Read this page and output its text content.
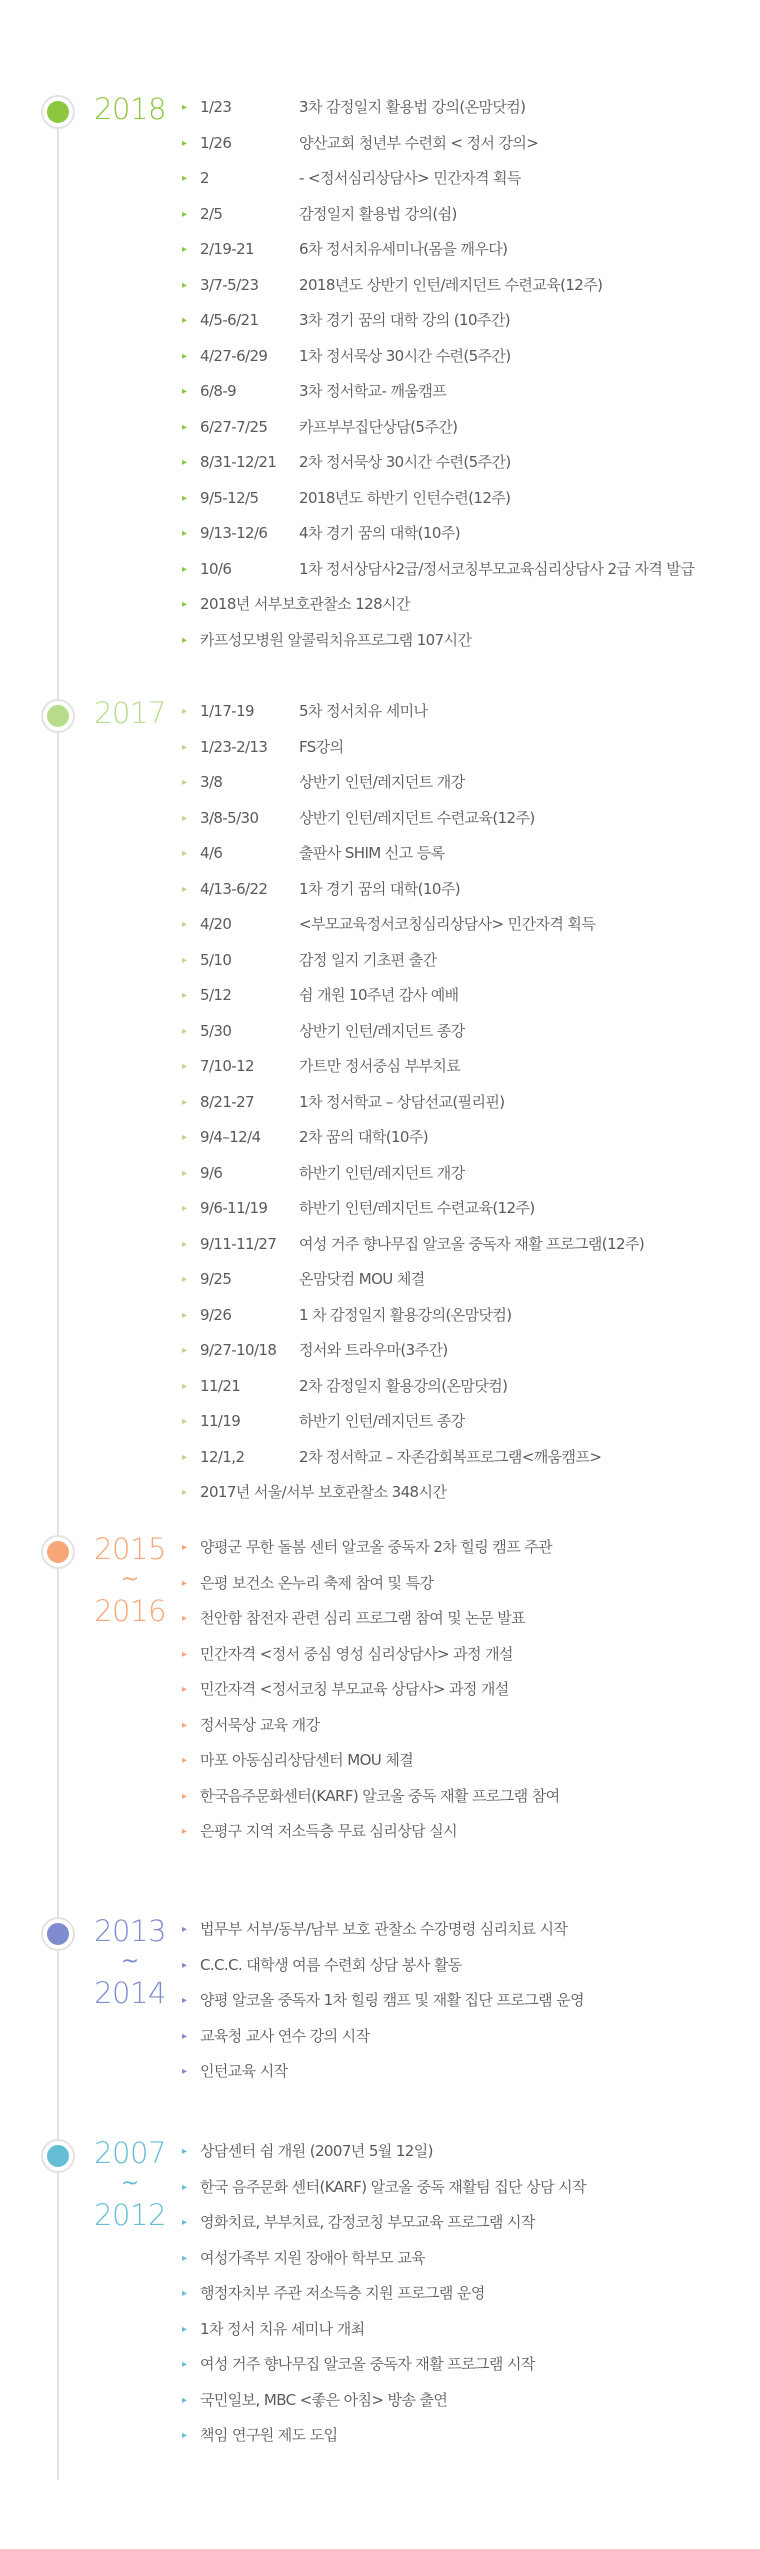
2018	▸ 1/23	3차 감정일지 활용법 강의(온맘닷컴)
▸ 1/26	양산교회 청년부 수련회 < 정서 강의>
▸ 2	- <정서심리상담사> 민간자격 획득
▸ 2/5	감정일지 활용법 강의(쉼)
▸ 2/19-21	6차 정서치유세미나(몸을 깨우다)
▸ 3/7-5/23	2018년도 상반기 인턴/레지던트 수련교육(12주)
▸ 4/5-6/21	3차 경기 꿈의 대학 강의 (10주간)
▸ 4/27-6/29 1차 정서묵상 30시간 수련(5주간)
▸ 6/8-9	3차 정서학교- 깨움캠프
▸ 6/27-7/25 카프부부집단상담(5주간)
▸ 8/31-12/21 2차 정서묵상 30시간 수련(5주간)
▸ 9/5-12/5	2018년도 하반기 인턴수련(12주)
▸ 9/13-12/6 4차 경기 꿈의 대학(10주)
▸ 10/6	1차 정서상담사2급/정서코칭부모교육심리상담사 2급 자격 발급
▸ 2018년 서부보호관찰소 128시간
▸ 카프성모병원 알콜릭치유프로그램 107시간
2017	▸ 1/17-19	5차 정서치유 세미나
▸ 1/23-2/13 FS강의
▸ 3/8	상반기 인턴/레지던트 개강
▸ 3/8-5/30	상반기 인턴/레지던트 수련교육(12주)
▸ 4/6	출판사 SHIM 신고 등록
▸ 4/13-6/22 1차 경기 꿈의 대학(10주)
▸ 4/20	<부모교육정서코칭심리상담사> 민간자격 획득
▸ 5/10	감정 일지 기초편 출간
▸ 5/12	쉼 개원 10주년 감사 예배
▸ 5/30	상반기 인턴/레지던트 종강
▸ 7/10-12	가트만 정서중심 부부치료
▸ 8/21-27	1차 정서학교 – 상담선교(필리핀)
▸ 9/4–12/4	2차 꿈의 대학(10주)
▸ 9/6	하반기 인턴/레지던트 개강
▸ 9/6-11/19 하반기 인턴/레지던트 수련교육(12주)
▸ 9/11-11/27 여성 거주 향나무집 알코올 중독자 재활 프로그램(12주)
▸ 9/25	온맘닷컴 MOU 체결
▸ 9/26	1 차 감정일지 활용강의(온맘닷컴)
▸ 9/27-10/18 정서와 트라우마(3주간)
▸ 11/21	2차 감정일지 활용강의(온맘닷컴)
▸ 11/19	하반기 인턴/레지던트 종강
▸ 12/1,2	2차 정서학교 – 자존감회복프로그램<깨움캠프>
▸ 2017년 서울/서부 보호관찰소 348시간
2015
~
2016
▸ 양평군 무한 돌봄 센터 알코올 중독자 2차 힐링 캠프 주관
▸ 은평 보건소 온누리 축제 참여 및 특강
▸ 천안함 참전자 관련 심리 프로그램 참여 및 논문 발표
▸ 민간자격 <정서 중심 영성 심리상담사> 과정 개설
▸ 민간자격 <정서코칭 부모교육 상담사> 과정 개설
▸ 정서묵상 교육 개강
▸ 마포 아동심리상담센터 MOU 체결
▸ 한국음주문화센터(KARF) 알코올 중독 재활 프로그램 참여
▸ 은평구 지역 저소득층 무료 심리상담 실시
2013
~
2014
▸ 법무부 서부/동부/남부 보호 관찰소 수강명령 심리치료 시작
▸ C.C.C. 대학생 여름 수련회 상담 봉사 활동
▸ 양평 알코올 중독자 1차 힐링 캠프 및 재활 집단 프로그램 운영
▸ 교육청 교사 연수 강의 시작
▸ 인턴교육 시작
2007
~
2012
▸ 상담센터 쉼 개원 (2007년 5월 12일)
▸ 한국 음주문화 센터(KARF) 알코올 중독 재활팀 집단 상담 시작
▸ 영화치료, 부부치료, 감정코칭 부모교육 프로그램 시작
▸ 여성가족부 지원 장애아 학부모 교육
▸ 행정자치부 주관 저소득층 지원 프로그램 운영
▸ 1차 정서 치유 세미나 개최
▸ 여성 거주 향나무집 알코올 중독자 재활 프로그램 시작
▸ 국민일보, MBC <좋은 아침> 방송 출연
▸ 책임 연구원 제도 도입
